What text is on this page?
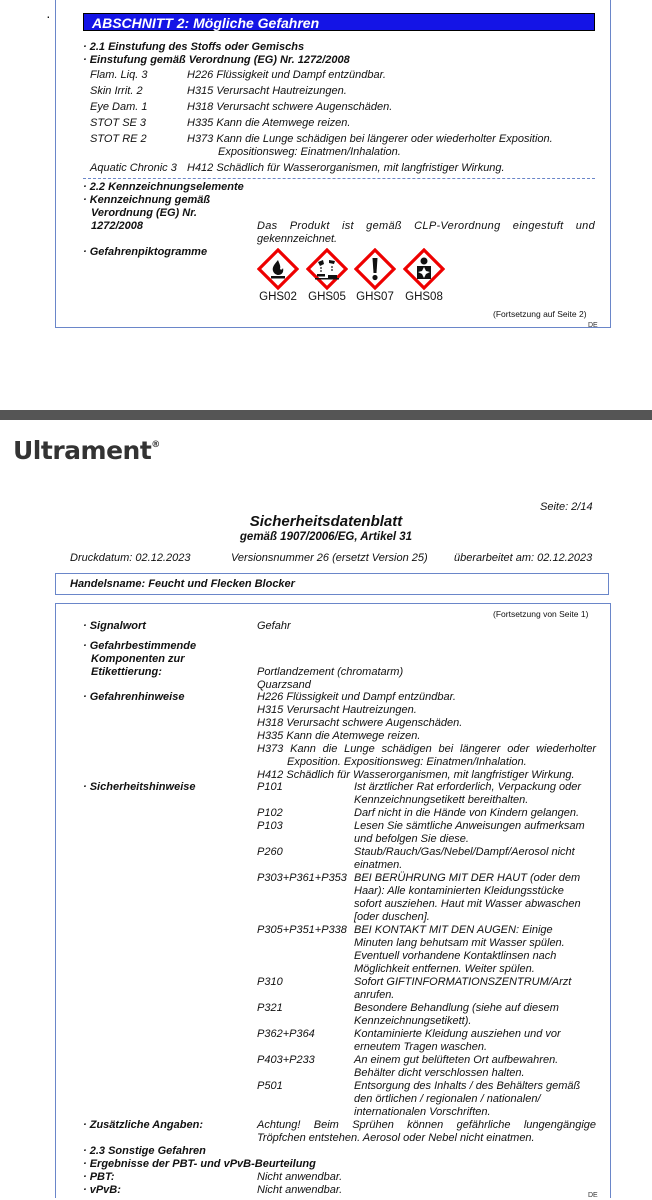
·	ABSCHNITT 2: Mögliche Gefahren
· 2.1 Einstufung des Stoffs oder Gemischs
· Einstufung gemäß Verordnung (EG) Nr. 1272/2008
Flam. Liq. 3	H226 Flüssigkeit und Dampf entzündbar.
Skin Irrit. 2	H315 Verursacht Hautreizungen.
Eye Dam. 1	H318 Verursacht schwere Augenschäden.
STOT SE 3	H335 Kann die Atemwege reizen.
STOT RE 2	H373 Kann die Lunge schädigen bei längerer oder wiederholter Exposition.
Expositionsweg: Einatmen/Inhalation.
Aquatic Chronic 3 H412 Schädlich für Wasserorganismen, mit langfristiger Wirkung.
· 2.2 Kennzeichnungselemente
· Kennzeichnung gemäß
Verordnung (EG) Nr.
1272/2008	Das Produkt ist gemäß CLP-Verordnung eingestuft und
gekennzeichnet.
· Gefahrenpiktogramme
GHS02 GHS05 GHS07 GHS08
(Fortsetzung auf Seite 2)
DE
Ultrament®
Seite: 2/14
Sicherheitsdatenblatt
gemäß 1907/2006/EG, Artikel 31
Druckdatum: 02.12.2023	Versionsnummer 26 (ersetzt Version 25) überarbeitet am: 02.12.2023
Handelsname: Feucht und Flecken Blocker
(Fortsetzung von Seite 1)
· Signalwort	Gefahr
· Gefahrbestimmende
Komponenten zur
Etikettierung:	Portlandzement (chromatarm)
Quarzsand
· Gefahrenhinweise	H226 Flüssigkeit und Dampf entzündbar.
H315 Verursacht Hautreizungen.
H318 Verursacht schwere Augenschäden.
H335 Kann die Atemwege reizen.
H373 Kann die Lunge schädigen bei längerer oder wiederholter
Exposition. Expositionsweg: Einatmen/Inhalation.
H412 Schädlich für Wasserorganismen, mit langfristiger Wirkung.
· Sicherheitshinweise	P101	Ist ärztlicher Rat erforderlich, Verpackung oder
Kennzeichnungsetikett bereithalten.
P102	Darf nicht in die Hände von Kindern gelangen.
P103	Lesen Sie sämtliche Anweisungen aufmerksam
und befolgen Sie diese.
P260	Staub/Rauch/Gas/Nebel/Dampf/Aerosol nicht
einatmen.
P303+P361+P353 BEI BERÜHRUNG MIT DER HAUT (oder dem
Haar): Alle kontaminierten Kleidungsstücke
sofort ausziehen. Haut mit Wasser abwaschen
[oder duschen].
P305+P351+P338 BEI KONTAKT MIT DEN AUGEN: Einige
Minuten lang behutsam mit Wasser spülen.
Eventuell vorhandene Kontaktlinsen nach
Möglichkeit entfernen. Weiter spülen.
P310	Sofort GIFTINFORMATIONSZENTRUM/Arzt
anrufen.
P321	Besondere Behandlung (siehe auf diesem
Kennzeichnungsetikett).
P362+P364	Kontaminierte Kleidung ausziehen und vor
erneutem Tragen waschen.
P403+P233	An einem gut belüfteten Ort aufbewahren.
Behälter dicht verschlossen halten.
P501	Entsorgung des Inhalts / des Behälters gemäß
den örtlichen / regionalen / nationalen/
internationalen Vorschriften.
· Zusätzliche Angaben:	Achtung! Beim Sprühen können gefährliche lungengängige
Tröpfchen entstehen. Aerosol oder Nebel nicht einatmen.
· 2.3 Sonstige Gefahren
· Ergebnisse der PBT- und vPvB-Beurteilung
· PBT:	Nicht anwendbar.
· vPvB:	Nicht anwendbar.	DE
